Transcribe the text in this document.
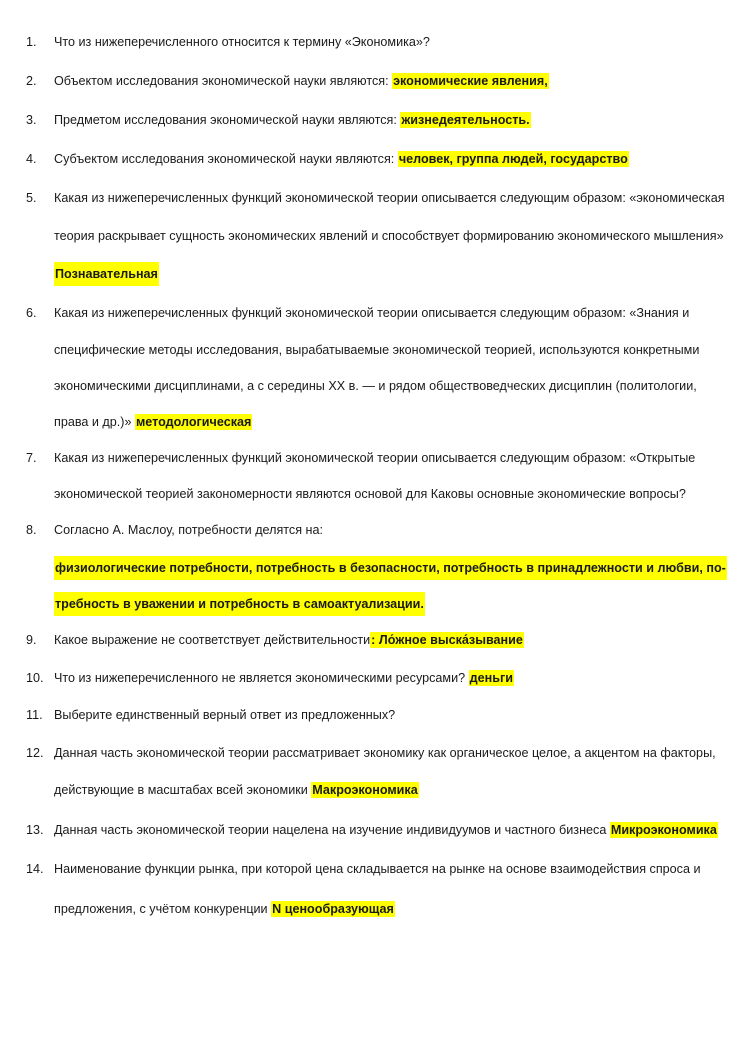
1. Что из нижеперечисленного относится к термину «Экономика»?
2. Объектом исследования экономической науки являются: экономические явления,
3. Предметом исследования экономической науки являются: жизнедеятельность.
4. Субъектом исследования экономической науки являются: человек, группа людей, государство
5. Какая из нижеперечисленных функций экономической теории описывается следующим образом: «экономическая
теория раскрывает сущность экономических явлений и способствует формированию экономического мышления»
Познавательная
6. Какая из нижеперечисленных функций экономической теории описывается следующим образом: «Знания и
специфические методы исследования, вырабатываемые экономической теорией, используются конкретными
экономическими дисциплинами, а с середины XX в. — и рядом обществоведческих дисциплин (политологии,
права и др.)» методологическая
7. Какая из нижеперечисленных функций экономической теории описывается следующим образом: «Открытые
экономической теорией закономерности являются основой для Каковы основные экономические вопросы?
8. Согласно А. Маслоу, потребности делятся на:
физиологические потребности, потребность в безопасности, потребность в принадлежности и любви, по-
требность в уважении и потребность в самоактуализации.
9. Какое выражение не соответствует действительности: Ло́жное выска́зывание
10. Что из нижеперечисленного не является экономическими ресурсами? деньги
11. Выберите единственный верный ответ из предложенных?
12. Данная часть экономической теории рассматривает экономику как органическое целое, а акцентом на факторы,
действующие в масштабах всей экономики Макроэкономика
13. Данная часть экономической теории нацелена на изучение индивидуумов и частного бизнеса Микроэкономика
14. Наименование функции рынка, при которой цена складывается на рынке на основе взаимодействия спроса и
предложения, с учётом конкуренции N ценообразующая
